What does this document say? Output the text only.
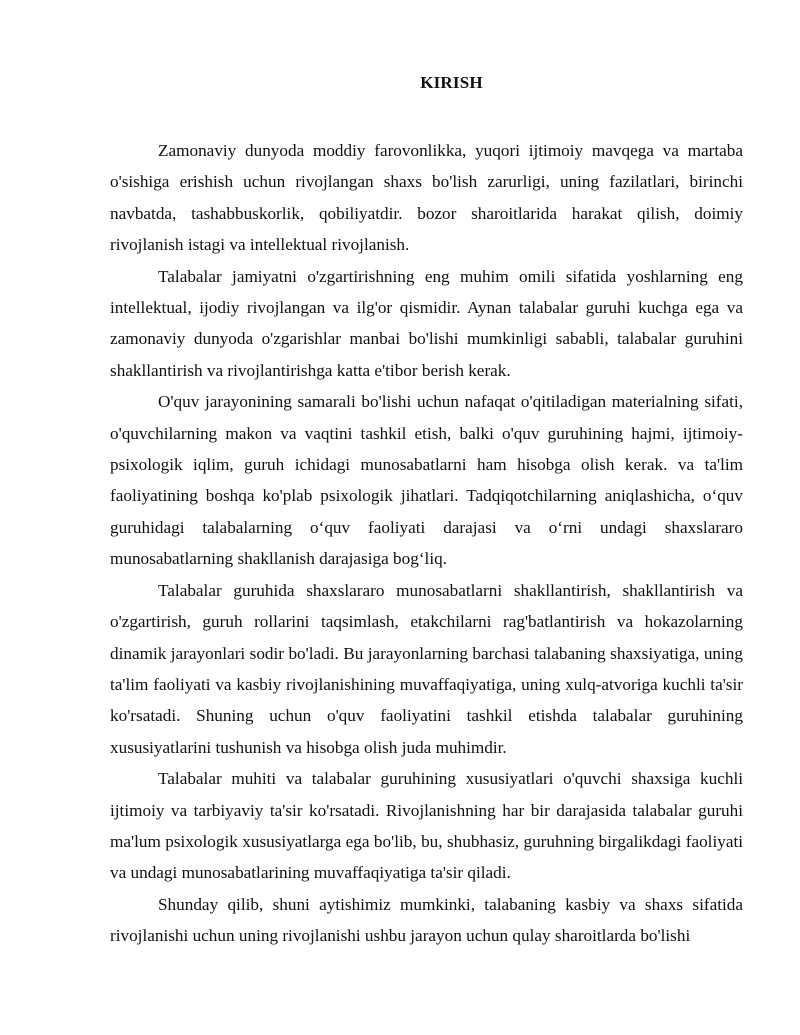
KIRISH

Zamonaviy dunyoda moddiy farovonlikka, yuqori ijtimoiy mavqega va martaba o'sishiga erishish uchun rivojlangan shaxs bo'lish zarurligi, uning fazilatlari, birinchi navbatda, tashabbuskorlik, qobiliyatdir. bozor sharoitlarida harakat qilish, doimiy rivojlanish istagi va intellektual rivojlanish.

Talabalar jamiyatni o'zgartirishning eng muhim omili sifatida yoshlarning eng intellektual, ijodiy rivojlangan va ilg'or qismidir. Aynan talabalar guruhi kuchga ega va zamonaviy dunyoda o'zgarishlar manbai bo'lishi mumkinligi sababli, talabalar guruhini shakllantirish va rivojlantirishga katta e'tibor berish kerak.

O'quv jarayonining samarali bo'lishi uchun nafaqat o'qitiladigan materialning sifati, o'quvchilarning makon va vaqtini tashkil etish, balki o'quv guruhining hajmi, ijtimoiy-psixologik iqlim, guruh ichidagi munosabatlarni ham hisobga olish kerak. va ta'lim faoliyatining boshqa ko'plab psixologik jihatlari. Tadqiqotchilarning aniqlashicha, o‘quv guruhidagi talabalarning o‘quv faoliyati darajasi va o‘rni undagi shaxslararo munosabatlarning shakllanish darajasiga bog‘liq.

Talabalar guruhida shaxslararo munosabatlarni shakllantirish, shakllantirish va o'zgartirish, guruh rollarini taqsimlash, etakchilarni rag'batlantirish va hokazolarning dinamik jarayonlari sodir bo'ladi. Bu jarayonlarning barchasi talabaning shaxsiyatiga, uning ta'lim faoliyati va kasbiy rivojlanishining muvaffaqiyatiga, uning xulq-atvoriga kuchli ta'sir ko'rsatadi. Shuning uchun o'quv faoliyatini tashkil etishda talabalar guruhining xususiyatlarini tushunish va hisobga olish juda muhimdir.

Talabalar muhiti va talabalar guruhining xususiyatlari o'quvchi shaxsiga kuchli ijtimoiy va tarbiyaviy ta'sir ko'rsatadi. Rivojlanishning har bir darajasida talabalar guruhi ma'lum psixologik xususiyatlarga ega bo'lib, bu, shubhasiz, guruhning birgalikdagi faoliyati va undagi munosabatlarining muvaffaqiyatiga ta'sir qiladi.

Shunday qilib, shuni aytishimiz mumkinki, talabaning kasbiy va shaxs sifatida rivojlanishi uchun uning rivojlanishi ushbu jarayon uchun qulay sharoitlarda bo'lishi
